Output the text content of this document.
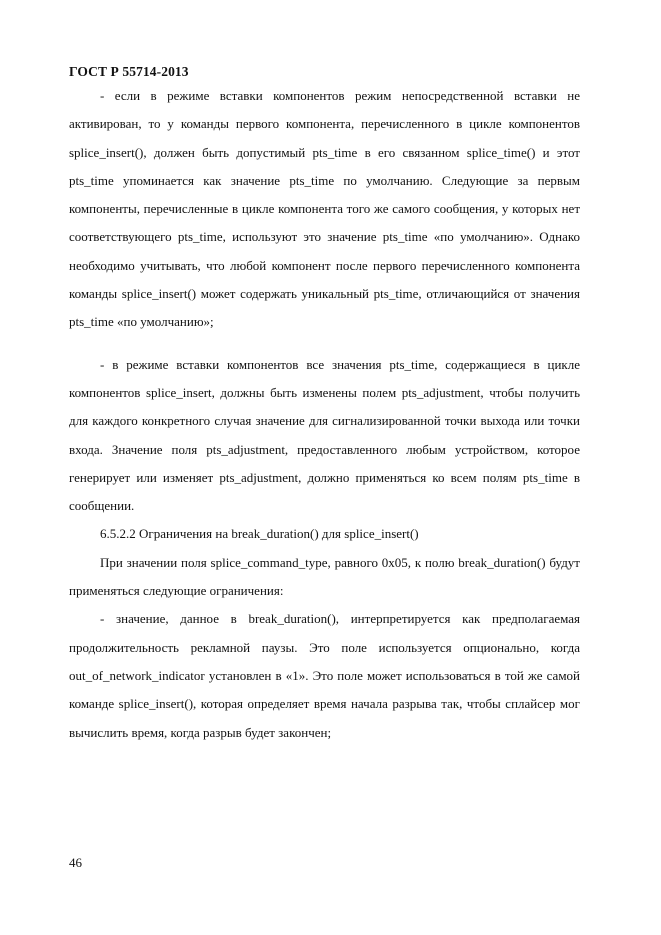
ГОСТ Р 55714-2013

- если в режиме вставки компонентов режим непосредственной вставки не активирован, то у команды первого компонента, перечисленного в цикле компонентов splice_insert(), должен быть допустимый pts_time в его связанном splice_time() и этот pts_time упоминается как значение pts_time по умолчанию. Следующие за первым компоненты, перечисленные в цикле компонента того же самого сообщения, у которых нет соответствующего pts_time, используют это значение pts_time «по умолчанию». Однако необходимо учитывать, что любой компонент после первого перечисленного компонента команды splice_insert() может содержать уникальный pts_time, отличающийся от значения pts_time «по умолчанию»;

- в режиме вставки компонентов все значения pts_time, содержащиеся в цикле компонентов splice_insert, должны быть изменены полем pts_adjustment, чтобы получить для каждого конкретного случая значение для сигнализированной точки выхода или точки входа. Значение поля pts_adjustment, предоставленного любым устройством, которое генерирует или изменяет pts_adjustment, должно применяться ко всем полям pts_time в сообщении.

6.5.2.2 Ограничения на break_duration() для splice_insert()

При значении поля splice_command_type, равного 0x05, к полю break_duration() будут применяться следующие ограничения:

- значение, данное в break_duration(), интерпретируется как предполагаемая продолжительность рекламной паузы. Это поле используется опционально, когда out_of_network_indicator установлен в «1». Это поле может использоваться в той же самой команде splice_insert(), которая определяет время начала разрыва так, чтобы сплайсер мог вычислить время, когда разрыв будет закончен;

46
